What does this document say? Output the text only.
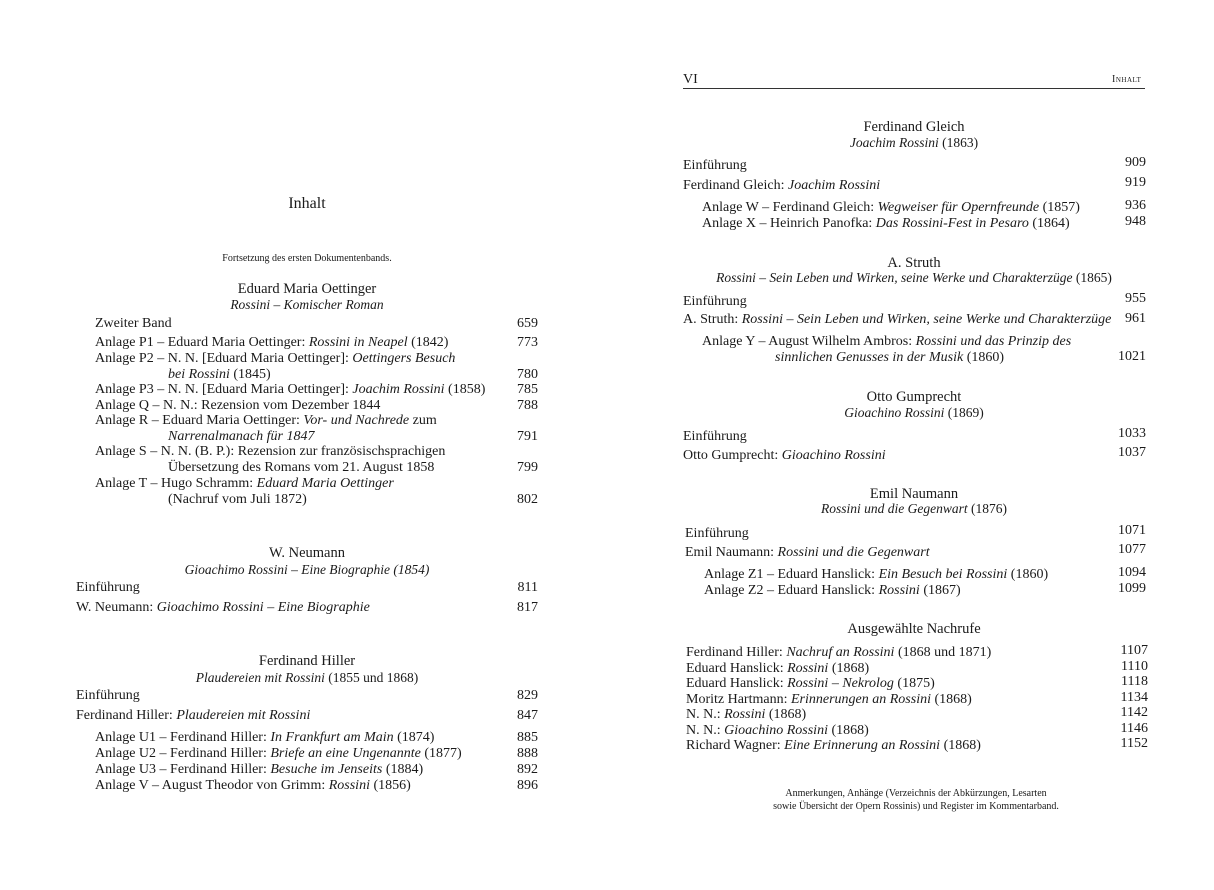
Inhalt
Fortsetzung des ersten Dokumentenbands.
Eduard Maria Oettinger
Rossini – Komischer Roman
Zweiter Band	659
Anlage P1 – Eduard Maria Oettinger: Rossini in Neapel (1842)	773
Anlage P2 – N. N. [Eduard Maria Oettinger]: Oettingers Besuch
bei Rossini (1845)	780
Anlage P3 – N. N. [Eduard Maria Oettinger]: Joachim Rossini (1858) 785
Anlage Q – N. N.: Rezension vom Dezember 1844	788
Anlage R – Eduard Maria Oettinger: Vor- und Nachrede zum
Narrenalmanach für 1847	791
Anlage S – N. N. (B. P.): Rezension zur französischsprachigen
Übersetzung des Romans vom 21. August 1858	799
Anlage T – Hugo Schramm: Eduard Maria Oettinger
(Nachruf vom Juli 1872)	802
W. Neumann
Gioachimo Rossini – Eine Biographie (1854)
Einführung	811
W. Neumann: Gioachimo Rossini – Eine Biographie	817
Ferdinand Hiller
Plaudereien mit Rossini (1855 und 1868)
Einführung	829
Ferdinand Hiller: Plaudereien mit Rossini	847
Anlage U1 – Ferdinand Hiller: In Frankfurt am Main (1874)	885
Anlage U2 – Ferdinand Hiller: Briefe an eine Ungenannte (1877)	888
Anlage U3 – Ferdinand Hiller: Besuche im Jenseits (1884)	892
Anlage V – August Theodor von Grimm: Rossini (1856)	896
VI	Inhalt
Ferdinand Gleich
Joachim Rossini (1863)
Einführung	909
Ferdinand Gleich: Joachim Rossini	919
Anlage W – Ferdinand Gleich: Wegweiser für Opernfreunde (1857)	936
Anlage X – Heinrich Panofka: Das Rossini-Fest in Pesaro (1864)	948
A. Struth
Rossini – Sein Leben und Wirken, seine Werke und Charakterzüge (1865)
Einführung	955
A. Struth: Rossini – Sein Leben und Wirken, seine Werke und Charakterzüge 961
Anlage Y – August Wilhelm Ambros: Rossini und das Prinzip des
sinnlichen Genusses in der Musik (1860)	1021
Otto Gumprecht
Gioachino Rossini (1869)
Einführung	1033
Otto Gumprecht: Gioachino Rossini	1037
Emil Naumann
Rossini und die Gegenwart (1876)
Einführung	1071
Emil Naumann: Rossini und die Gegenwart	1077
Anlage Z1 – Eduard Hanslick: Ein Besuch bei Rossini (1860)	1094
Anlage Z2 – Eduard Hanslick: Rossini (1867)	1099
Ausgewählte Nachrufe
Ferdinand Hiller: Nachruf an Rossini (1868 und 1871)	1107
Eduard Hanslick: Rossini (1868)	1110
Eduard Hanslick: Rossini – Nekrolog (1875)	1118
Moritz Hartmann: Erinnerungen an Rossini (1868)	1134
N. N.: Rossini (1868)	1142
N. N.: Gioachino Rossini (1868)	1146
Richard Wagner: Eine Erinnerung an Rossini (1868)	1152
Anmerkungen, Anhänge (Verzeichnis der Abkürzungen, Lesarten
sowie Übersicht der Opern Rossinis) und Register im Kommentarband.
